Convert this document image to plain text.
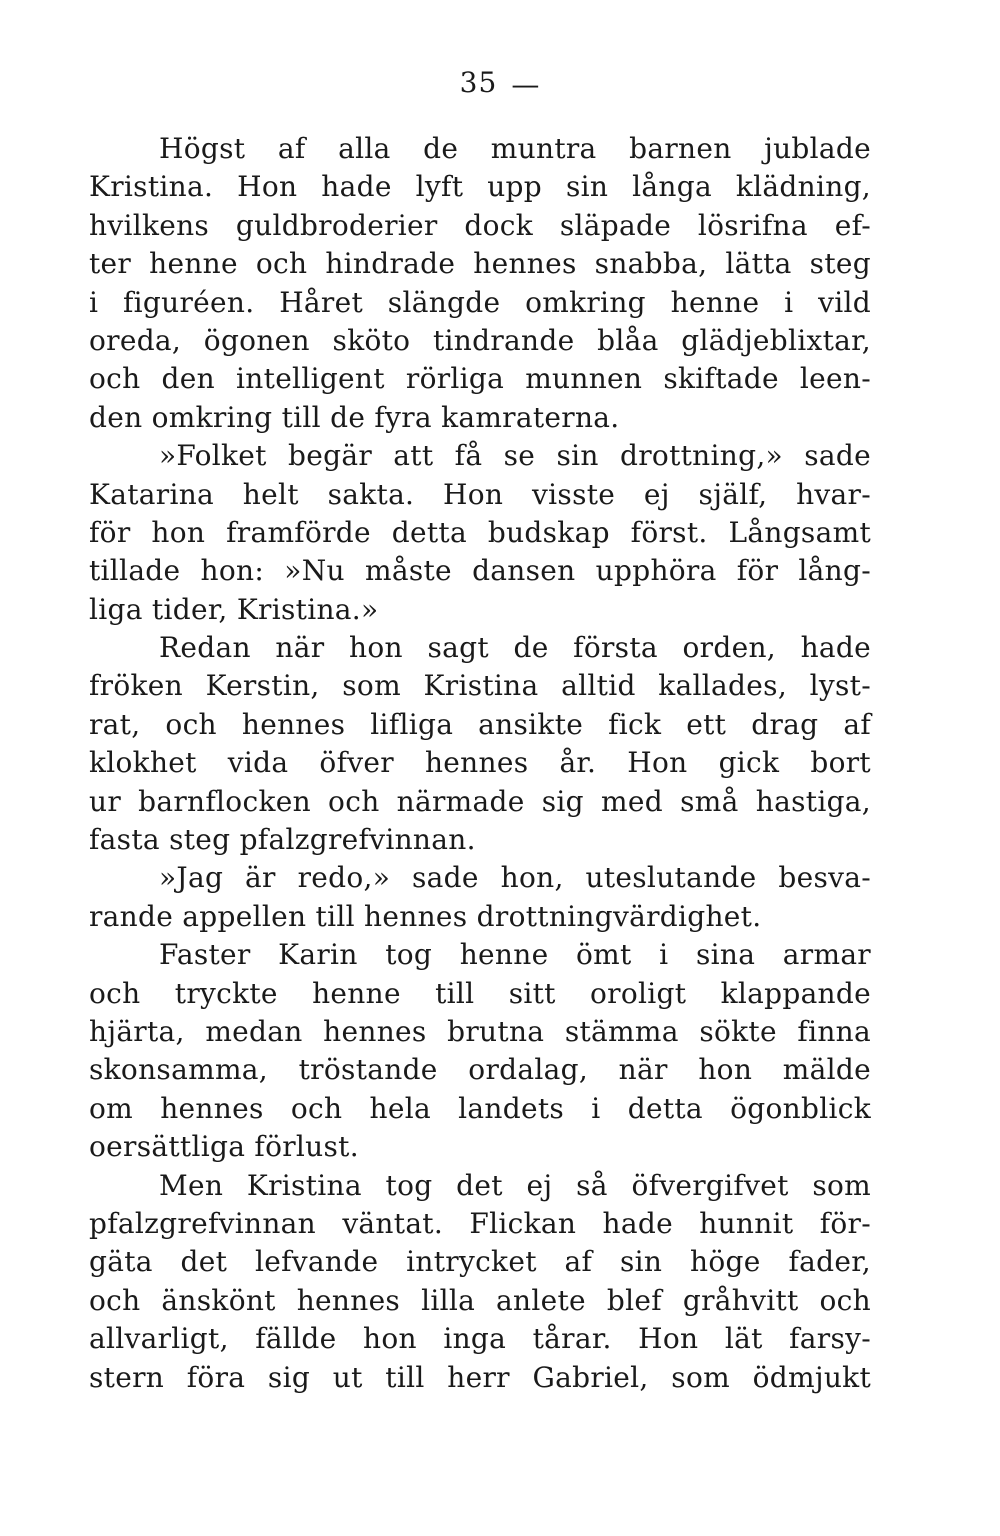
35 —
Högst af alla de muntra barnen jublade
Kristina. Hon hade lyft upp sin långa klädning,
hvilkens guldbroderier dock släpade lösrifna ef-
ter henne och hindrade hennes snabba, lätta steg
i figuréen. Håret slängde omkring henne i vild
oreda, ögonen sköto tindrande blåa glädjeblixtar,
och den intelligent rörliga munnen skiftade leen-
den omkring till de fyra kamraterna.
»Folket begär att få se sin drottning,» sade
Katarina helt sakta. Hon visste ej själf, hvar-
för hon framförde detta budskap först. Långsamt
tillade hon: »Nu måste dansen upphöra för lång-
liga tider, Kristina.»
Redan när hon sagt de första orden, hade
fröken Kerstin, som Kristina alltid kallades, lyst-
rat, och hennes lifliga ansikte fick ett drag af
klokhet vida öfver hennes år. Hon gick bort
ur barnflocken och närmade sig med små hastiga,
fasta steg pfalzgrefvinnan.
»Jag är redo,» sade hon, uteslutande besva-
rande appellen till hennes drottningvärdighet.
Faster Karin tog henne ömt i sina armar
och tryckte henne till sitt oroligt klappande
hjärta, medan hennes brutna stämma sökte finna
skonsamma, tröstande ordalag, när hon mälde
om hennes och hela landets i detta ögonblick
oersättliga förlust.
Men Kristina tog det ej så öfvergifvet som
pfalzgrefvinnan väntat. Flickan hade hunnit för-
gäta det lefvande intrycket af sin höge fader,
och änskönt hennes lilla anlete blef gråhvitt och
allvarligt, fällde hon inga tårar. Hon lät farsy-
stern föra sig ut till herr Gabriel, som ödmjukt
